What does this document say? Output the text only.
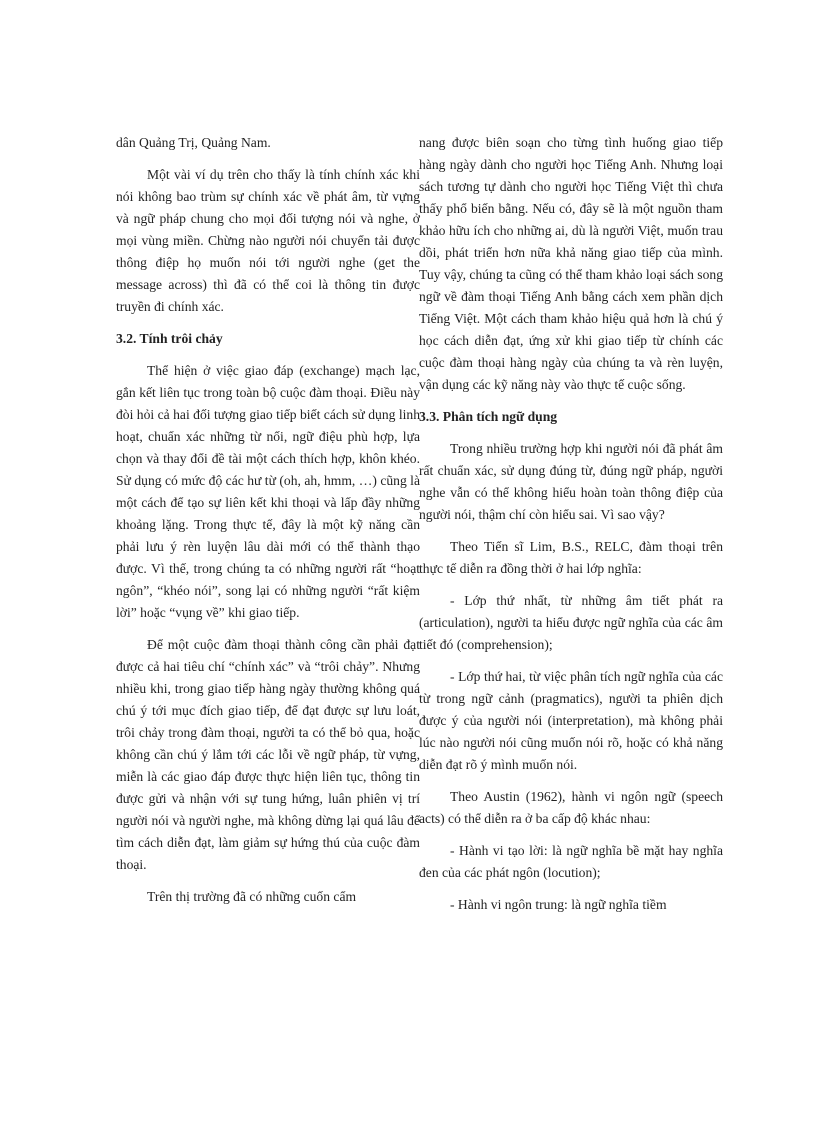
dân Quảng Trị, Quảng Nam.

Một vài ví dụ trên cho thấy là tính chính xác khi nói không bao trùm sự chính xác về phát âm, từ vựng và ngữ pháp chung cho mọi đối tượng nói và nghe, ở mọi vùng miền. Chừng nào người nói chuyển tải được thông điệp họ muốn nói tới người nghe (get the message across) thì đã có thể coi là thông tin được truyền đi chính xác.

3.2. Tính trôi chảy

Thể hiện ở việc giao đáp (exchange) mạch lạc, gắn kết liên tục trong toàn bộ cuộc đàm thoại. Điều này đòi hỏi cả hai đối tượng giao tiếp biết cách sử dụng linh hoạt, chuẩn xác những từ nối, ngữ điệu phù hợp, lựa chọn và thay đổi đề tài một cách thích hợp, khôn khéo. Sử dụng có mức độ các hư từ (oh, ah, hmm, …) cũng là một cách để tạo sự liên kết khi thoại và lấp đầy những khoảng lặng. Trong thực tế, đây là một kỹ năng cần phải lưu ý rèn luyện lâu dài mới có thể thành thạo được. Vì thế, trong chúng ta có những người rất “hoạt ngôn”, “khéo nói”, song lại có những người “rất kiệm lời” hoặc “vụng về” khi giao tiếp.

Để một cuộc đàm thoại thành công cần phải đạt được cả hai tiêu chí “chính xác” và “trôi chảy”. Nhưng nhiều khi, trong giao tiếp hàng ngày thường không quá chú ý tới mục đích giao tiếp, để đạt được sự lưu loát, trôi chảy trong đàm thoại, người ta có thể bỏ qua, hoặc không cần chú ý lắm tới các lỗi về ngữ pháp, từ vựng, miễn là các giao đáp được thực hiện liên tục, thông tin được gửi và nhận với sự tung hứng, luân phiên vị trí người nói và người nghe, mà không dừng lại quá lâu để tìm cách diễn đạt, làm giảm sự hứng thú của cuộc đàm thoại.

Trên thị trường đã có những cuốn cẩm

nang được biên soạn cho từng tình huống giao tiếp hàng ngày dành cho người học Tiếng Anh. Nhưng loại sách tương tự dành cho người học Tiếng Việt thì chưa thấy phổ biến bằng. Nếu có, đây sẽ là một nguồn tham khảo hữu ích cho những ai, dù là người Việt, muốn trau dồi, phát triển hơn nữa khả năng giao tiếp của mình. Tuy vậy, chúng ta cũng có thể tham khảo loại sách song ngữ về đàm thoại Tiếng Anh bằng cách xem phần dịch Tiếng Việt. Một cách tham khảo hiệu quả hơn là chú ý học cách diễn đạt, ứng xử khi giao tiếp từ chính các cuộc đàm thoại hàng ngày của chúng ta và rèn luyện, vận dụng các kỹ năng này vào thực tế cuộc sống.

3.3. Phân tích ngữ dụng

Trong nhiều trường hợp khi người nói đã phát âm rất chuẩn xác, sử dụng đúng từ, đúng ngữ pháp, người nghe vẫn có thể không hiểu hoàn toàn thông điệp của người nói, thậm chí còn hiểu sai. Vì sao vậy?

Theo Tiến sĩ Lim, B.S., RELC, đàm thoại trên thực tế diễn ra đồng thời ở hai lớp nghĩa:

- Lớp thứ nhất, từ những âm tiết phát ra (articulation), người ta hiểu được ngữ nghĩa của các âm tiết đó (comprehension);

- Lớp thứ hai, từ việc phân tích ngữ nghĩa của các từ trong ngữ cảnh (pragmatics), người ta phiên dịch được ý của người nói (interpretation), mà không phải lúc nào người nói cũng muốn nói rõ, hoặc có khả năng diễn đạt rõ ý mình muốn nói.

Theo Austin (1962), hành vi ngôn ngữ (speech acts) có thể diễn ra ở ba cấp độ khác nhau:

- Hành vi tạo lời: là ngữ nghĩa bề mặt hay nghĩa đen của các phát ngôn (locution);

- Hành vi ngôn trung: là ngữ nghĩa tiềm
